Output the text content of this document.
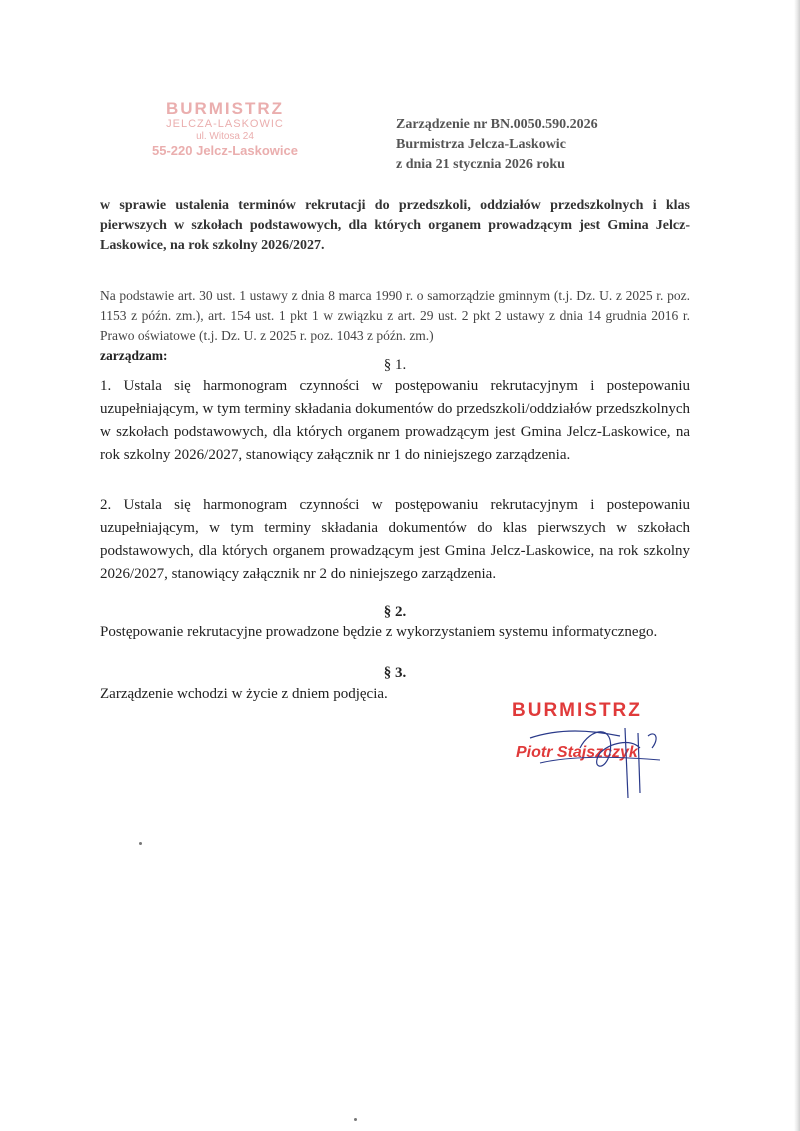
BURMISTRZ
JELCZA-LASKOWIC
ul. Witosa 24
55-220 Jelcz-Laskowice
Zarządzenie nr BN.0050.590.2026
Burmistrza Jelcza-Laskowic
z dnia 21 stycznia 2026 roku
w sprawie ustalenia terminów rekrutacji do przedszkoli, oddziałów przedszkolnych i klas pierwszych w szkołach podstawowych, dla których organem prowadzącym jest Gmina Jelcz-Laskowice, na rok szkolny 2026/2027.
Na podstawie art. 30 ust. 1 ustawy z dnia 8 marca 1990 r. o samorządzie gminnym (t.j. Dz. U. z 2025 r. poz. 1153 z późn. zm.), art. 154 ust. 1 pkt 1 w związku z art. 29 ust. 2 pkt 2 ustawy z dnia 14 grudnia 2016 r. Prawo oświatowe (t.j. Dz. U. z 2025 r. poz. 1043 z późn. zm.)
zarządzam:
§ 1.
1. Ustala się harmonogram czynności w postępowaniu rekrutacyjnym i postepowaniu uzupełniającym, w tym terminy składania dokumentów do przedszkoli/oddziałów przedszkolnych w szkołach podstawowych, dla których organem prowadzącym jest Gmina Jelcz-Laskowice, na rok szkolny 2026/2027, stanowiący załącznik nr 1 do niniejszego zarządzenia.
2. Ustala się harmonogram czynności w postępowaniu rekrutacyjnym i postepowaniu uzupełniającym, w tym terminy składania dokumentów do klas pierwszych w szkołach podstawowych, dla których organem prowadzącym jest Gmina Jelcz-Laskowice, na rok szkolny 2026/2027, stanowiący załącznik nr 2 do niniejszego zarządzenia.
§ 2.
Postępowanie rekrutacyjne prowadzone będzie z wykorzystaniem systemu informatycznego.
§ 3.
Zarządzenie wchodzi w życie z dniem podjęcia.
BURMISTRZ
Piotr Stajszczyk
